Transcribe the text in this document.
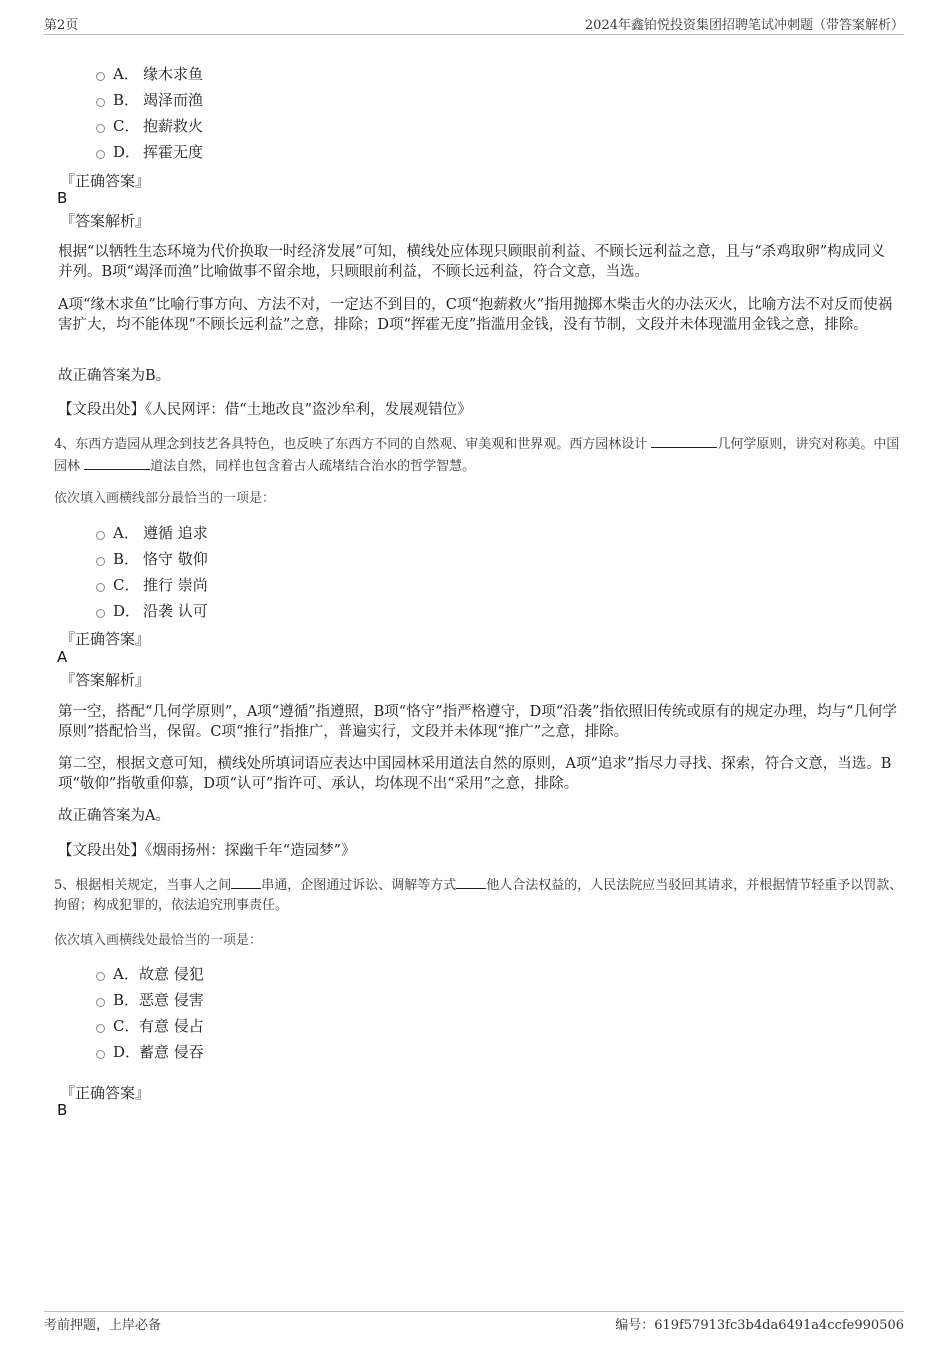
第2页	2024年鑫铂悦投资集团招聘笔试冲刺题（带答案解析）
A． 缘木求鱼
B． 竭泽而渔
C． 抱薪救火
D． 挥霍无度
『正确答案』
B
『答案解析』
根据“以牺牲生态环境为代价换取一时经济发展”可知，横线处应体现只顾眼前利益、不顾长远利益之意，且与“杀鸡取卵”构成同义并列。B项“竭泽而渔”比喻做事不留余地，只顾眼前利益，不顾长远利益，符合文意，当选。
A项“缘木求鱼”比喻行事方向、方法不对，一定达不到目的，C项“抱薪救火”指用抛掷木柴击火的办法灭火，比喻方法不对反而使祸害扩大，均不能体现“不顾长远利益”之意，排除；D项“挥霍无度”指滥用金钱，没有节制，文段并未体现滥用金钱之意，排除。
故正确答案为B。
【文段出处】《人民网评：借“土地改良”盗沙牟利，发展观错位》
4、东西方造园从理念到技艺各具特色，也反映了东西方不同的自然观、审美观和世界观。西方园林设计	几何学原则，讲究对称美。中国园林	道法自然，同样也包含着古人疏堵结合治水的哲学智慧。
依次填入画横线部分最恰当的一项是：
A． 遵循 追求
B． 恪守 敬仰
C． 推行 崇尚
D． 沿袭 认可
『正确答案』
A
『答案解析』
第一空，搭配“几何学原则”，A项“遵循”指遵照，B项“恪守”指严格遵守，D项“沿袭”指依照旧传统或原有的规定办理，均与“几何学原则”搭配恰当，保留。C项“推行”指推广，普遍实行，文段并未体现“推广”之意，排除。
第二空，根据文意可知，横线处所填词语应表达中国园林采用道法自然的原则，A项“追求”指尽力寻找、探索，符合文意，当选。B项“敬仰”指敬重仰慕，D项“认可”指许可、承认，均体现不出“采用”之意，排除。
故正确答案为A。
【文段出处】《烟雨扬州：探幽千年“造园梦”》
5、根据相关规定，当事人之间 串通，企图通过诉讼、调解等方式 他人合法权益的，人民法院应当驳回其请求，并根据情节轻重予以罚款、拘留；构成犯罪的，依法追究刑事责任。
依次填入画横线处最恰当的一项是：
A． 故意 侵犯
B． 恶意 侵害
C． 有意 侵占
D．
蓄意 侵吞
『正确答案』
B
考前押题，上岸必备	编号：619f57913fc3b4da6491a4ccfe990506
